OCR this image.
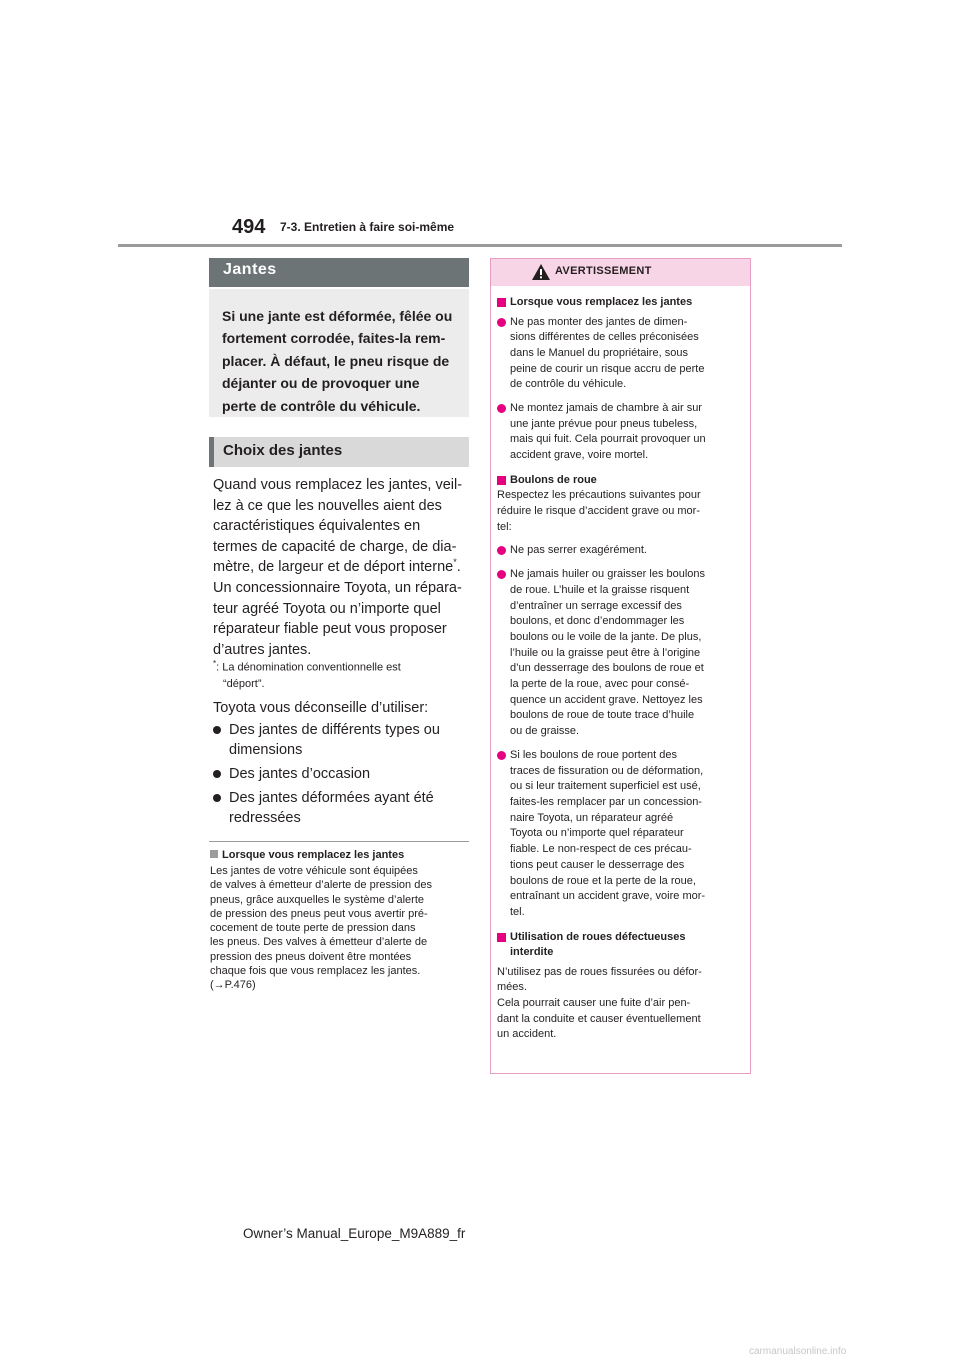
494 7-3. Entretien à faire soi-même
Jantes

Si une jante est déformée, fêlée ou

fortement corrodée, faites-la rem-

placer. À défaut, le pneu risque de

déjanter ou de provoquer une

perte de contrôle du véhicule.

Choix des jantes
Quand vous remplacez les jantes, veil-
lez à ce que les nouvelles aient des
caractéristiques équivalentes en
termes de capacité de charge, de dia-
mètre, de largeur et de déport interne*.
Un concessionnaire Toyota, un répara-
teur agréé Toyota ou n’importe quel
réparateur fiable peut vous proposer
d’autres jantes.
*: La dénomination conventionnelle est
“déport”.
Toyota vous déconseille d’utiliser:
Des jantes de différents types ou
dimensions
Des jantes d’occasion
Des jantes déformées ayant été
redressées
Lorsque vous remplacez les jantes
Les jantes de votre véhicule sont équipées
de valves à émetteur d’alerte de pression des
pneus, grâce auxquelles le système d’alerte
de pression des pneus peut vous avertir pré-
cocement de toute perte de pression dans
les pneus. Des valves à émetteur d’alerte de
pression des pneus doivent être montées
chaque fois que vous remplacez les jantes.
(→P.476)
AVERTISSEMENT
Lorsque vous remplacez les jantes
Ne pas monter des jantes de dimen-
sions différentes de celles préconisées
dans le Manuel du propriétaire, sous
peine de courir un risque accru de perte
de contrôle du véhicule.
Ne montez jamais de chambre à air sur
une jante prévue pour pneus tubeless,
mais qui fuit. Cela pourrait provoquer un
accident grave, voire mortel.
Boulons de roue
Respectez les précautions suivantes pour
réduire le risque d’accident grave ou mor-
tel:
Ne pas serrer exagérément.
Ne jamais huiler ou graisser les boulons
de roue. L’huile et la graisse risquent
d’entraîner un serrage excessif des
boulons, et donc d’endommager les
boulons ou le voile de la jante. De plus,
l’huile ou la graisse peut être à l’origine
d’un desserrage des boulons de roue et
la perte de la roue, avec pour consé-
quence un accident grave. Nettoyez les
boulons de roue de toute trace d’huile
ou de graisse.
Si les boulons de roue portent des
traces de fissuration ou de déformation,
ou si leur traitement superficiel est usé,
faites-les remplacer par un concession-
naire Toyota, un réparateur agréé
Toyota ou n’importe quel réparateur
fiable. Le non-respect de ces précau-
tions peut causer le desserrage des
boulons de roue et la perte de la roue,
entraînant un accident grave, voire mor-
tel.
Utilisation de roues défectueuses
interdite
N’utilisez pas de roues fissurées ou défor-
mées.
Cela pourrait causer une fuite d’air pen-
dant la conduite et causer éventuellement
un accident.
Owner’s Manual_Europe_M9A889_fr
carmanualsonline.info
